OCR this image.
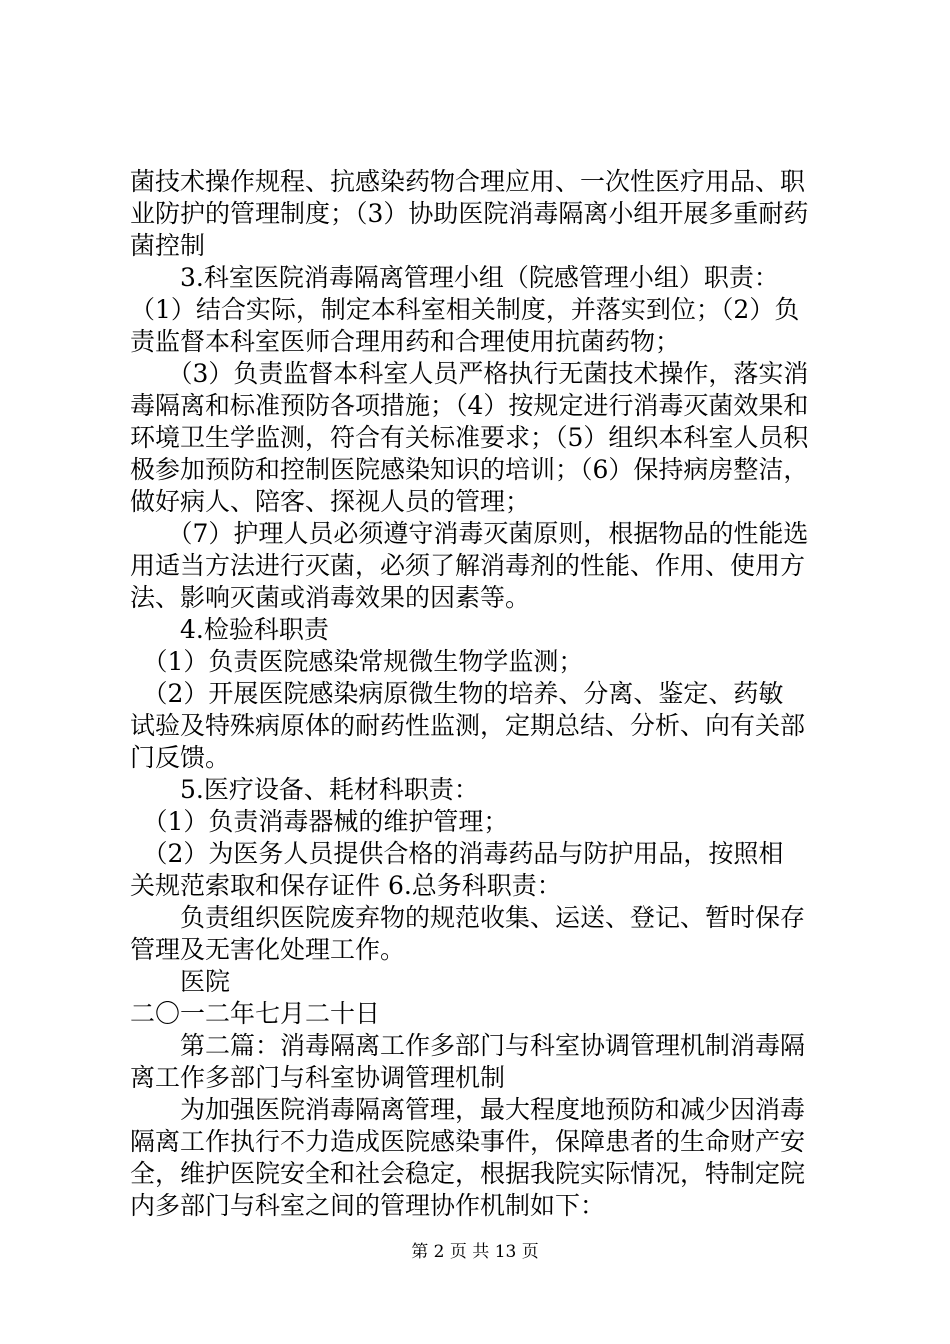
菌技术操作规程、抗感染药物合理应用、一次性医疗用品、职
业防护的管理制度；（3）协助医院消毒隔离小组开展多重耐药
菌控制
　　3.科室医院消毒隔离管理小组（院感管理小组）职责：
（1）结合实际，制定本科室相关制度，并落实到位；（2）负
责监督本科室医师合理用药和合理使用抗菌药物；
　　（3）负责监督本科室人员严格执行无菌技术操作，落实消
毒隔离和标准预防各项措施；（4）按规定进行消毒灭菌效果和
环境卫生学监测，符合有关标准要求；（5）组织本科室人员积
极参加预防和控制医院感染知识的培训；（6）保持病房整洁，
做好病人、陪客、探视人员的管理；
　　（7）护理人员必须遵守消毒灭菌原则，根据物品的性能选
用适当方法进行灭菌，必须了解消毒剂的性能、作用、使用方
法、影响灭菌或消毒效果的因素等。
　　4.检验科职责
　（1）负责医院感染常规微生物学监测；
　（2）开展医院感染病原微生物的培养、分离、鉴定、药敏
试验及特殊病原体的耐药性监测，定期总结、分析、向有关部
门反馈。
　　5.医疗设备、耗材科职责：
　（1）负责消毒器械的维护管理；
　（2）为医务人员提供合格的消毒药品与防护用品，按照相
关规范索取和保存证件 6.总务科职责：
　　负责组织医院废弃物的规范收集、运送、登记、暂时保存
管理及无害化处理工作。
　　医院
二〇一二年七月二十日
　　第二篇：消毒隔离工作多部门与科室协调管理机制消毒隔
离工作多部门与科室协调管理机制
　　为加强医院消毒隔离管理，最大程度地预防和减少因消毒
隔离工作执行不力造成医院感染事件，保障患者的生命财产安
全，维护医院安全和社会稳定，根据我院实际情况，特制定院
内多部门与科室之间的管理协作机制如下：
第 2 页 共 13 页
